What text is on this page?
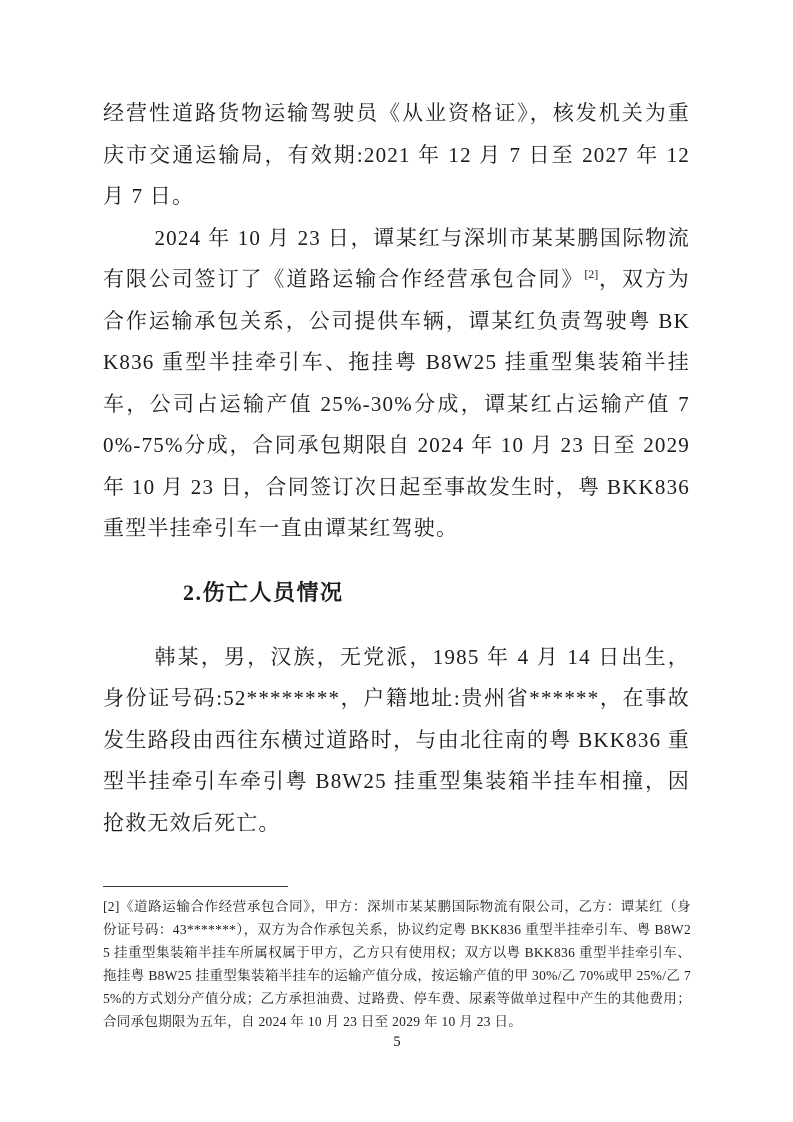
经营性道路货物运输驾驶员《从业资格证》，核发机关为重庆市交通运输局，有效期:2021 年 12 月 7 日至 2027 年 12 月 7 日。

2024 年 10 月 23 日，谭某红与深圳市某某鹏国际物流有限公司签订了《道路运输合作经营承包合同》[2]，双方为合作运输承包关系，公司提供车辆，谭某红负责驾驶粤 BKK836 重型半挂牵引车、拖挂粤 B8W25 挂重型集装箱半挂车，公司占运输产值 25%-30%分成，谭某红占运输产值 70%-75%分成，合同承包期限自 2024 年 10 月 23 日至 2029 年 10 月 23 日，合同签订次日起至事故发生时，粤 BKK836 重型半挂牵引车一直由谭某红驾驶。

2.伤亡人员情况

韩某，男，汉族，无党派，1985 年 4 月 14 日出生，身份证号码:52********，户籍地址:贵州省******，在事故发生路段由西往东横过道路时，与由北往南的粤 BKK836 重型半挂牵引车牵引粤 B8W25 挂重型集装箱半挂车相撞，因抢救无效后死亡。

[2]《道路运输合作经营承包合同》，甲方：深圳市某某鹏国际物流有限公司，乙方：谭某红（身份证号码：43*******），双方为合作承包关系，协议约定粤 BKK836 重型半挂牵引车、粤 B8W25 挂重型集装箱半挂车所属权属于甲方，乙方只有使用权；双方以粤 BKK836 重型半挂牵引车、拖挂粤 B8W25 挂重型集装箱半挂车的运输产值分成，按运输产值的甲 30%/乙 70%或甲 25%/乙 75%的方式划分产值分成；乙方承担油费、过路费、停车费、尿素等做单过程中产生的其他费用；合同承包期限为五年，自 2024 年 10 月 23 日至 2029 年 10 月 23 日。
5
